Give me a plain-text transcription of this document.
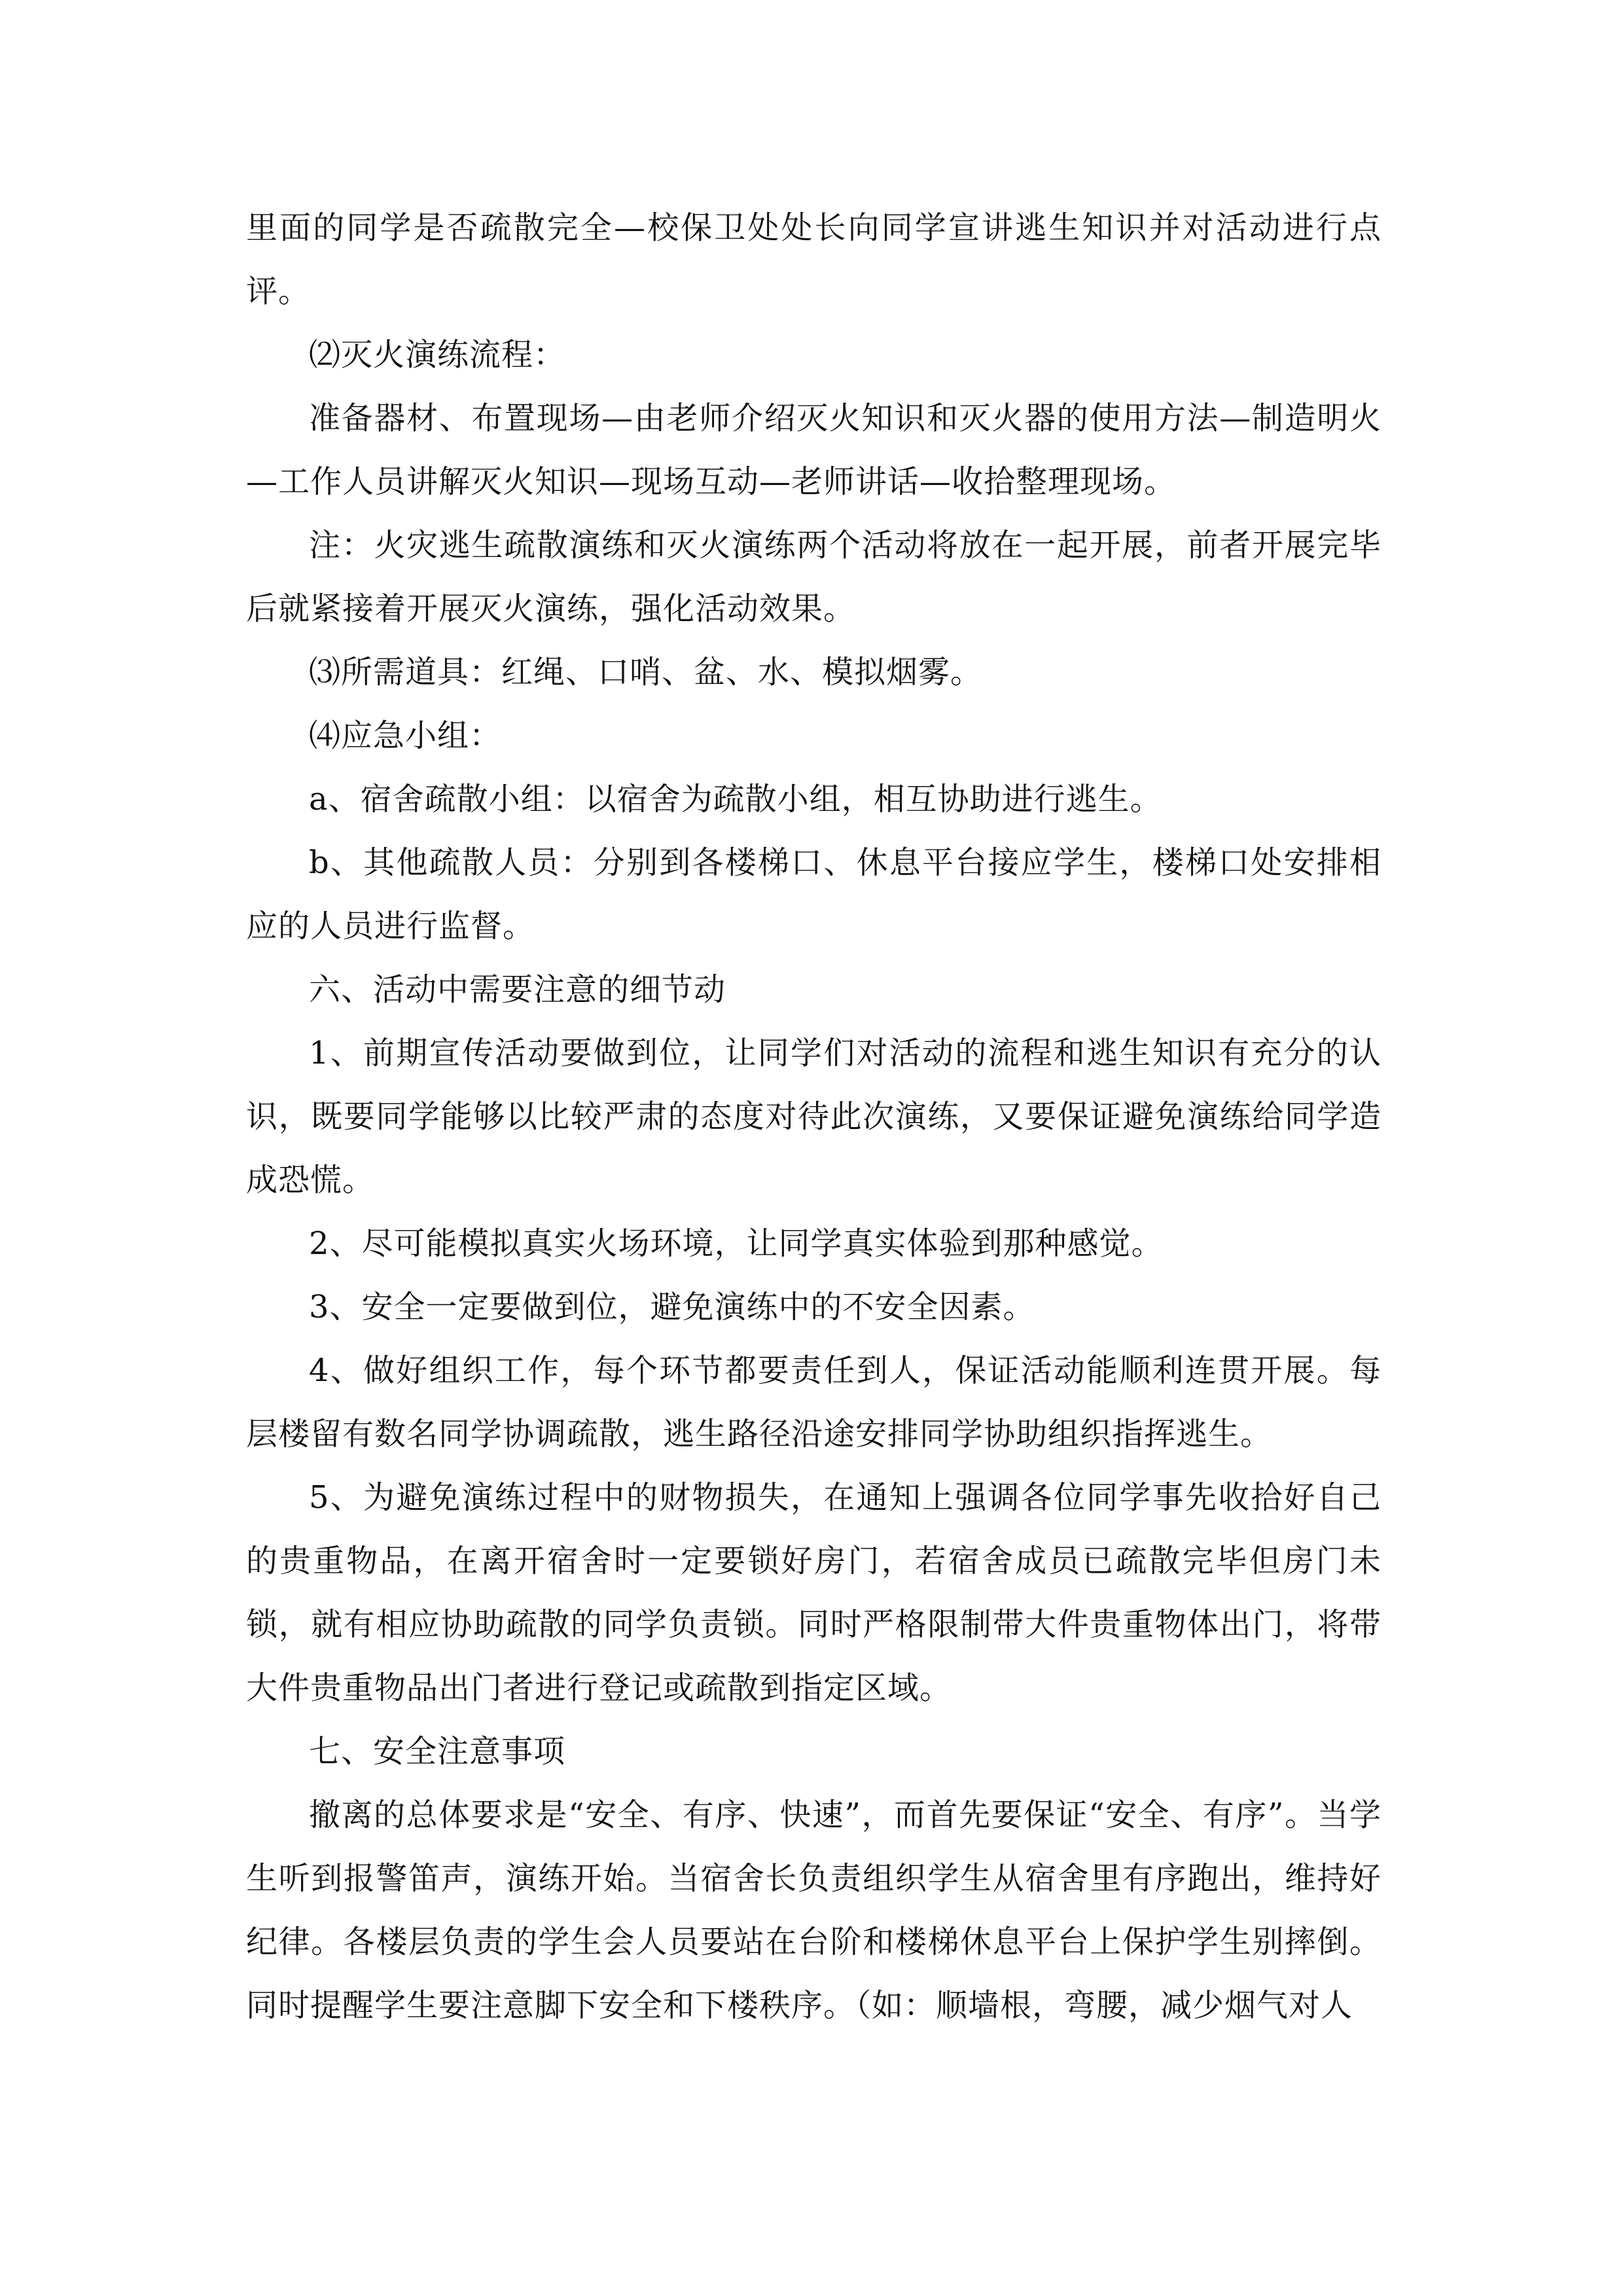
里面的同学是否疏散完全—校保卫处处长向同学宣讲逃生知识并对活动进行点评。

⑵灭火演练流程：

准备器材、布置现场—由老师介绍灭火知识和灭火器的使用方法—制造明火—工作人员讲解灭火知识—现场互动—老师讲话—收拾整理现场。

注：火灾逃生疏散演练和灭火演练两个活动将放在一起开展，前者开展完毕后就紧接着开展灭火演练，强化活动效果。

⑶所需道具：红绳、口哨、盆、水、模拟烟雾。

⑷应急小组：

a、宿舍疏散小组：以宿舍为疏散小组，相互协助进行逃生。

b、其他疏散人员：分别到各楼梯口、休息平台接应学生，楼梯口处安排相应的人员进行监督。

六、活动中需要注意的细节动

1、前期宣传活动要做到位，让同学们对活动的流程和逃生知识有充分的认识，既要同学能够以比较严肃的态度对待此次演练，又要保证避免演练给同学造成恐慌。

2、尽可能模拟真实火场环境，让同学真实体验到那种感觉。

3、安全一定要做到位，避免演练中的不安全因素。

4、做好组织工作，每个环节都要责任到人，保证活动能顺利连贯开展。每层楼留有数名同学协调疏散，逃生路径沿途安排同学协助组织指挥逃生。

5、为避免演练过程中的财物损失，在通知上强调各位同学事先收拾好自己的贵重物品，在离开宿舍时一定要锁好房门，若宿舍成员已疏散完毕但房门未锁，就有相应协助疏散的同学负责锁。同时严格限制带大件贵重物体出门，将带大件贵重物品出门者进行登记或疏散到指定区域。

七、安全注意事项

撤离的总体要求是“安全、有序、快速”，而首先要保证“安全、有序”。当学生听到报警笛声，演练开始。当宿舍长负责组织学生从宿舍里有序跑出，维持好纪律。各楼层负责的学生会人员要站在台阶和楼梯休息平台上保护学生别摔倒。同时提醒学生要注意脚下安全和下楼秩序。（如：顺墙根，弯腰，减少烟气对人
